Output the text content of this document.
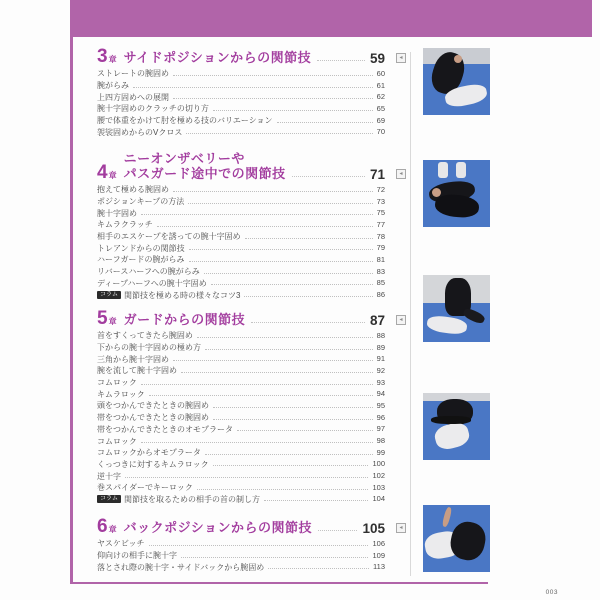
3 章 サイドポジションからの関節技	59	◂
ストレートの腕固め	60
腕がらみ	61
上四方固めへの展開	62
腕十字固めのクラッチの切り方	65
腰で体重をかけて肘を極める技のバリエーション	69
袈裟固めからのVクロス	70
4 章
ニーオンザベリーや
パスガード途中での関節技	71	◂
抱えて極める腕固め	72
ポジションキープの方法	73
腕十字固め	75
キムラクラッチ	77
相手のエスケープを誘っての腕十字固め	78
トレアンドからの関節技	79
ハーフガードの腕がらみ	81
リバースハーフへの腕がらみ	83
ディープハーフへの腕十字固め	85
コラム 関節技を極める時の様々なコツ3	86
5 章 ガードからの関節技	87	◂
首をすくってきたら腕固め	88
下からの腕十字固めの極め方	89
三角から腕十字固め	91
腕を流して腕十字固め	92
コムロック	93
キムラロック	94
頭をつかんできたときの腕固め	95
帯をつかんできたときの腕固め	96
帯をつかんできたときのオモプラータ	97
コムロック	98
コムロックからオモプラータ	99
くっつきに対するキムラロック	100
逆十字	102
巻スパイダーでキーロック	103
コラム 関節技を取るための相手の首の制し方	104
6 章 バックポジションからの関節技	105	◂
ヤスケビッチ	106
仰向けの相手に腕十字	109
落とされ際の腕十字・サイドバックから腕固め	113
003
